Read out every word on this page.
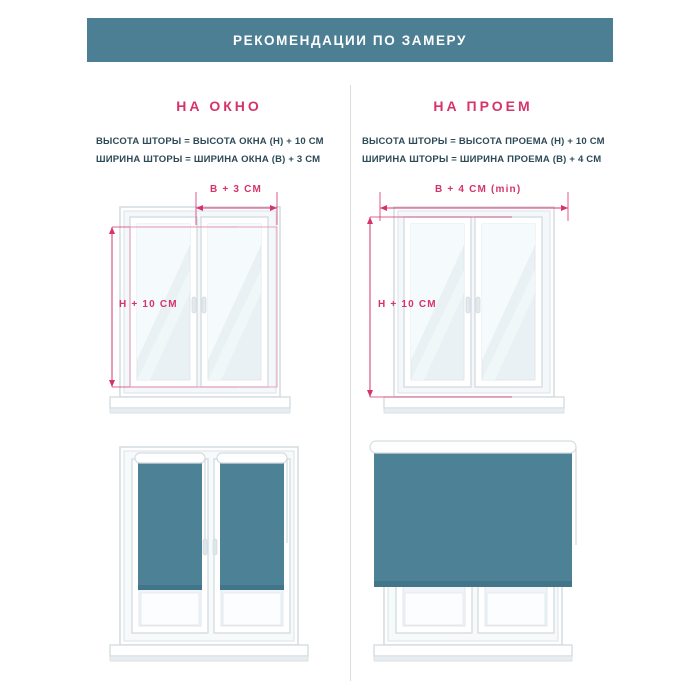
РЕКОМЕНДАЦИИ ПО ЗАМЕРУ
НА ОКНО	НА ПРОЕМ
ВЫСОТА ШТОРЫ = ВЫСОТА ОКНА (Н) + 10 СМ
ШИРИНА ШТОРЫ = ШИРИНА ОКНА (В) + 3 СМ
ВЫСОТА ШТОРЫ = ВЫСОТА ПРОЕМА (Н) + 10 СМ
ШИРИНА ШТОРЫ = ШИРИНА ПРОЕМА (В) + 4 СМ
В + 3 СМ
Н + 10 СМ
В + 4 СМ (min)
Н + 10 СМ
